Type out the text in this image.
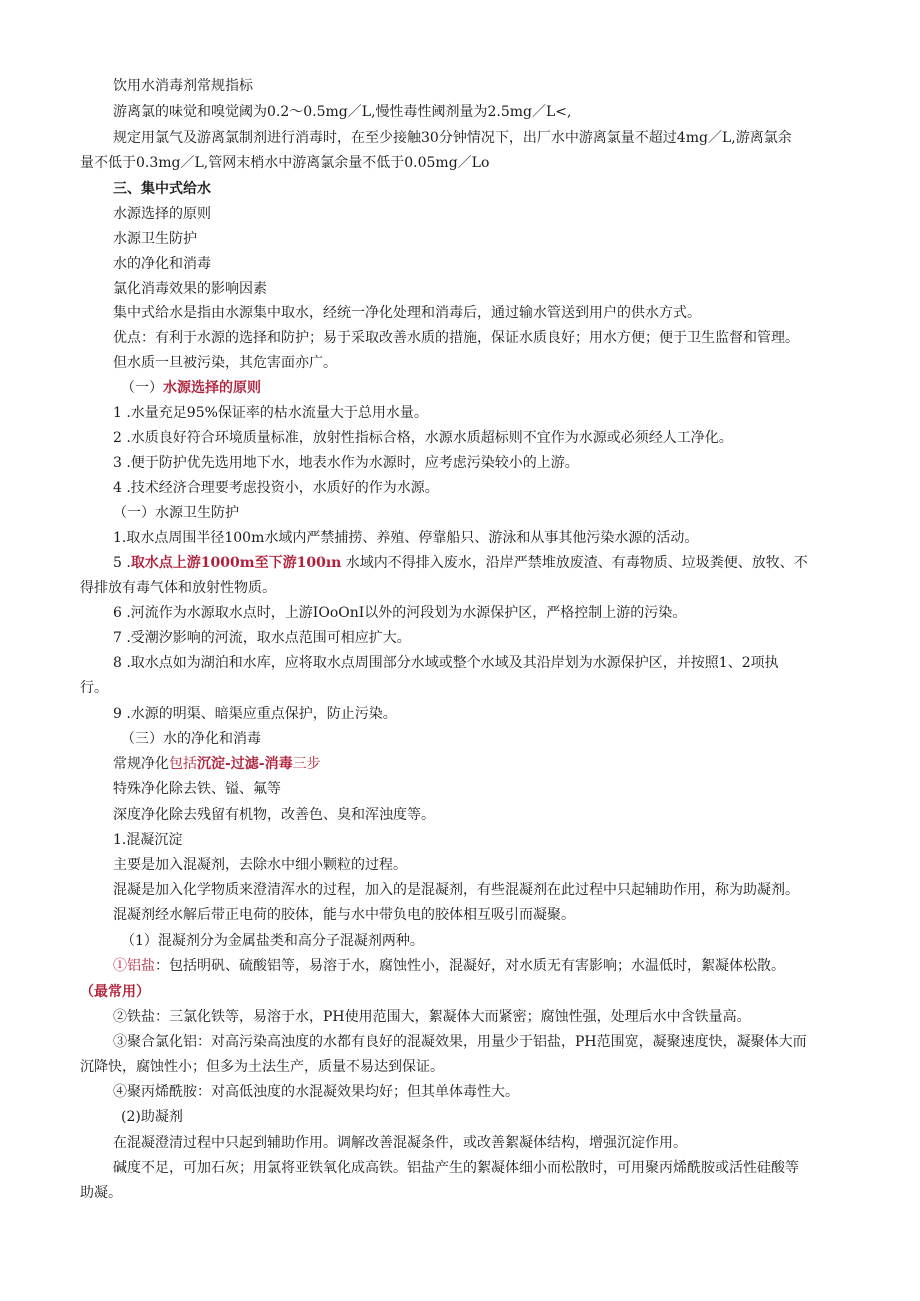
饮用水消毒剂常规指标
游离氯的味觉和嗅觉阈为0.2～0.5mg／L,慢性毒性阈剂量为2.5mg／L<,
规定用氯气及游离氯制剂进行消毒时，在至少接触30分钟情况下，出厂水中游离氯量不超过4mg／L,游离氯余
量不低于0.3mg／L,管网末梢水中游离氯余量不低于0.05mg／Lo
三、集中式给水
水源选择的原则
水源卫生防护
水的净化和消毒
氯化消毒效果的影响因素
集中式给水是指由水源集中取水，经统一净化处理和消毒后，通过输水管送到用户的供水方式。
优点：有利于水源的选择和防护；易于采取改善水质的措施，保证水质良好；用水方便；便于卫生监督和管理。
但水质一旦被污染，其危害面亦广。
（一）水源选择的原则
1 .水量充足95%保证率的枯水流量大于总用水量。
2 .水质良好符合环境质量标准，放射性指标合格，水源水质超标则不宜作为水源或必须经人工净化。
3 .便于防护优先选用地下水，地表水作为水源时，应考虑污染较小的上游。
4 .技术经济合理要考虑投资小，水质好的作为水源。
（一）水源卫生防护
1.取水点周围半径100m水域内严禁捕捞、养殖、停靠船只、游泳和从事其他污染水源的活动。
5 .取水点上游1000m至下游100ın 水域内不得排入废水，沿岸严禁堆放废渣、有毒物质、垃圾粪便、放牧、不
得排放有毒气体和放射性物质。
6 .河流作为水源取水点时，上游IOoOnI以外的河段划为水源保护区，严格控制上游的污染。
7 .受潮汐影响的河流，取水点范围可相应扩大。
8 .取水点如为湖泊和水库，应将取水点周围部分水域或整个水域及其沿岸划为水源保护区，并按照1、2项执
行。
9 .水源的明渠、暗渠应重点保护，防止污染。
（三）水的净化和消毒
常规净化包括沉淀-过滤-消毒三步
特殊净化除去铁、镒、氟等
深度净化除去残留有机物，改善色、臭和浑浊度等。
1.混凝沉淀
主要是加入混凝剂，去除水中细小颗粒的过程。
混凝是加入化学物质来澄清浑水的过程，加入的是混凝剂，有些混凝剂在此过程中只起辅助作用，称为助凝剂。
混凝剂经水解后带正电荷的胶体，能与水中带负电的胶体相互吸引而凝聚。
（1）混凝剂分为金属盐类和高分子混凝剂两种。
①铝盐：包括明矾、硫酸铝等，易溶于水，腐蚀性小，混凝好，对水质无有害影响；水温低时，絮凝体松散。
（最常用）
②铁盐：三氯化铁等，易溶于水，PH使用范围大，絮凝体大而紧密；腐蚀性强，处理后水中含铁量高。
③聚合氯化铝：对高污染高浊度的水都有良好的混凝效果，用量少于铝盐，PH范围宽，凝聚速度快，凝聚体大而
沉降快，腐蚀性小；但多为土法生产，质量不易达到保证。
④聚丙烯酰胺：对高低浊度的水混凝效果均好；但其单体毒性大。
(2)助凝剂
在混凝澄清过程中只起到辅助作用。调解改善混凝条件，或改善絮凝体结构，增强沉淀作用。
碱度不足，可加石灰；用氯将亚铁氧化成高铁。铝盐产生的絮凝体细小而松散时，可用聚丙烯酰胺或活性硅酸等
助凝。
